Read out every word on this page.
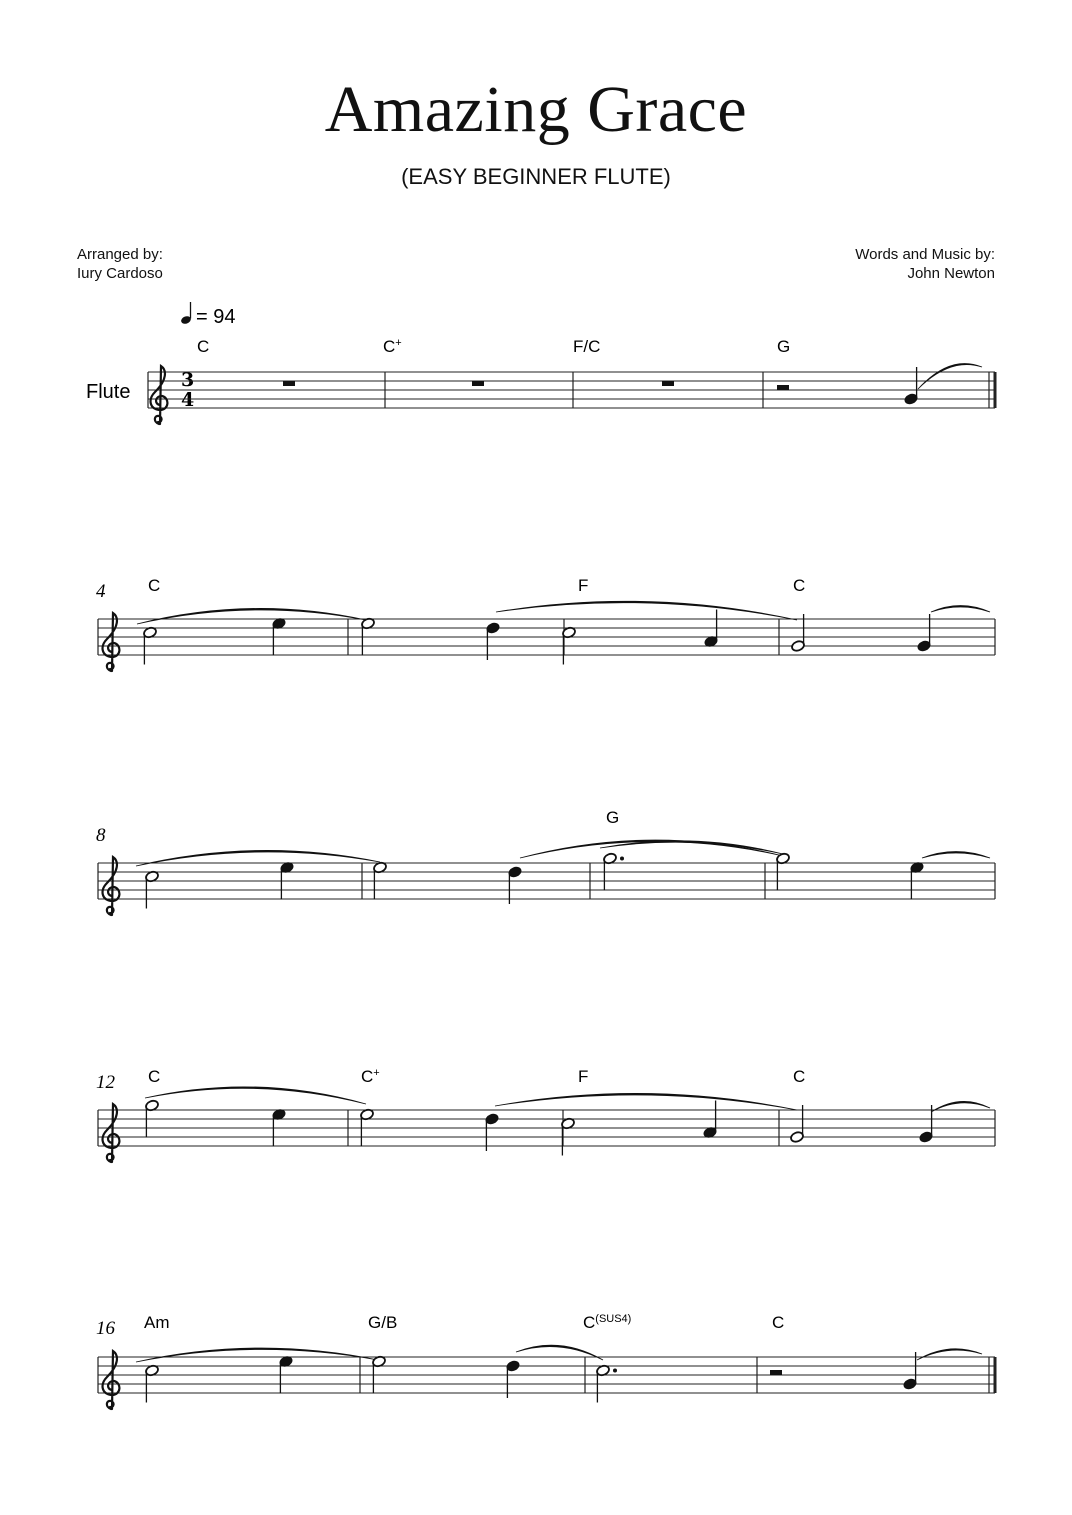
Amazing Grace
(EASY BEGINNER FLUTE)
Arranged by:
Iury Cardoso
Words and Music by:
John Newton
= 94
Flute
3
4
4
8
12
16
C	C+	F/C	G
C	F	C
G
C	C+	F	C
Am	G/B	$C^{(SUS4)}$	C
